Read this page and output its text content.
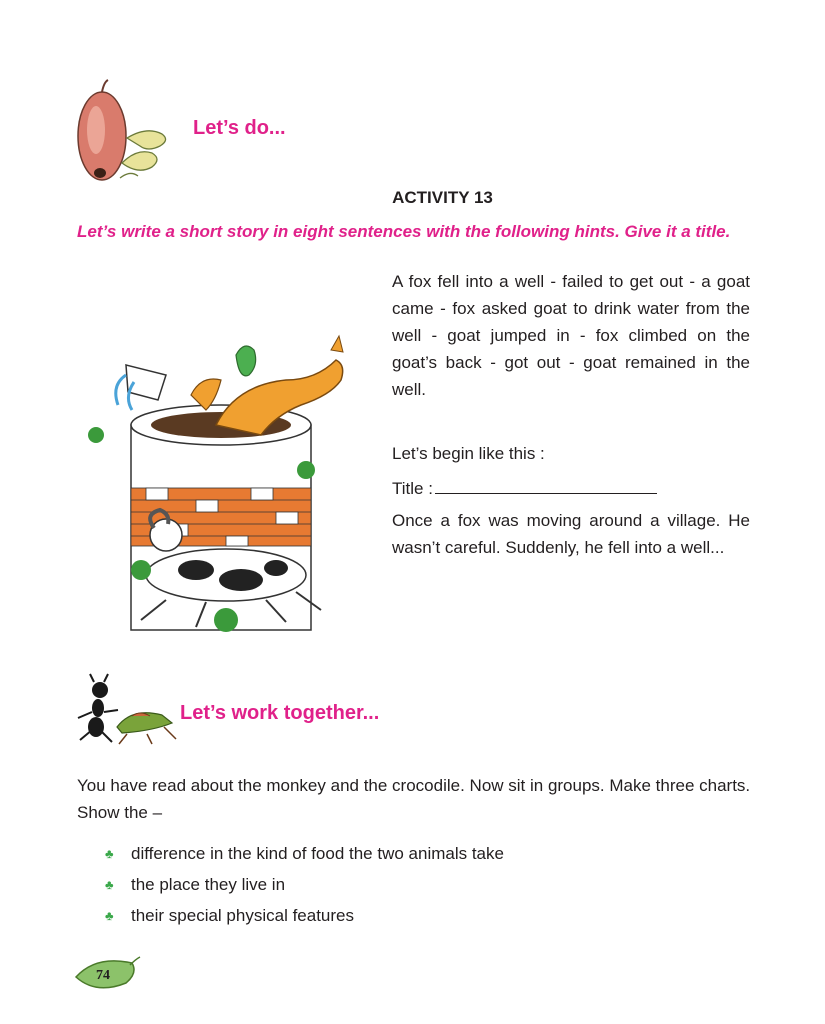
Let’s do...
ACTIVITY 13
Let’s write a short story in eight sentences with the following hints. Give it a title.
A fox fell into a well - failed to get out - a goat came - fox asked goat to drink water from the well - goat jumped in - fox climbed on the goat’s back - got out - goat remained in the well.
Let’s begin like this :
Title :
Once a fox was moving around a village. He wasn’t careful. Suddenly, he fell into a well...
Let’s work together...
You have read about the monkey and the crocodile. Now sit in groups. Make three charts. Show the –
♣	difference in the kind of food the two animals take
♣	the place they live in
♣	their special physical features
74
